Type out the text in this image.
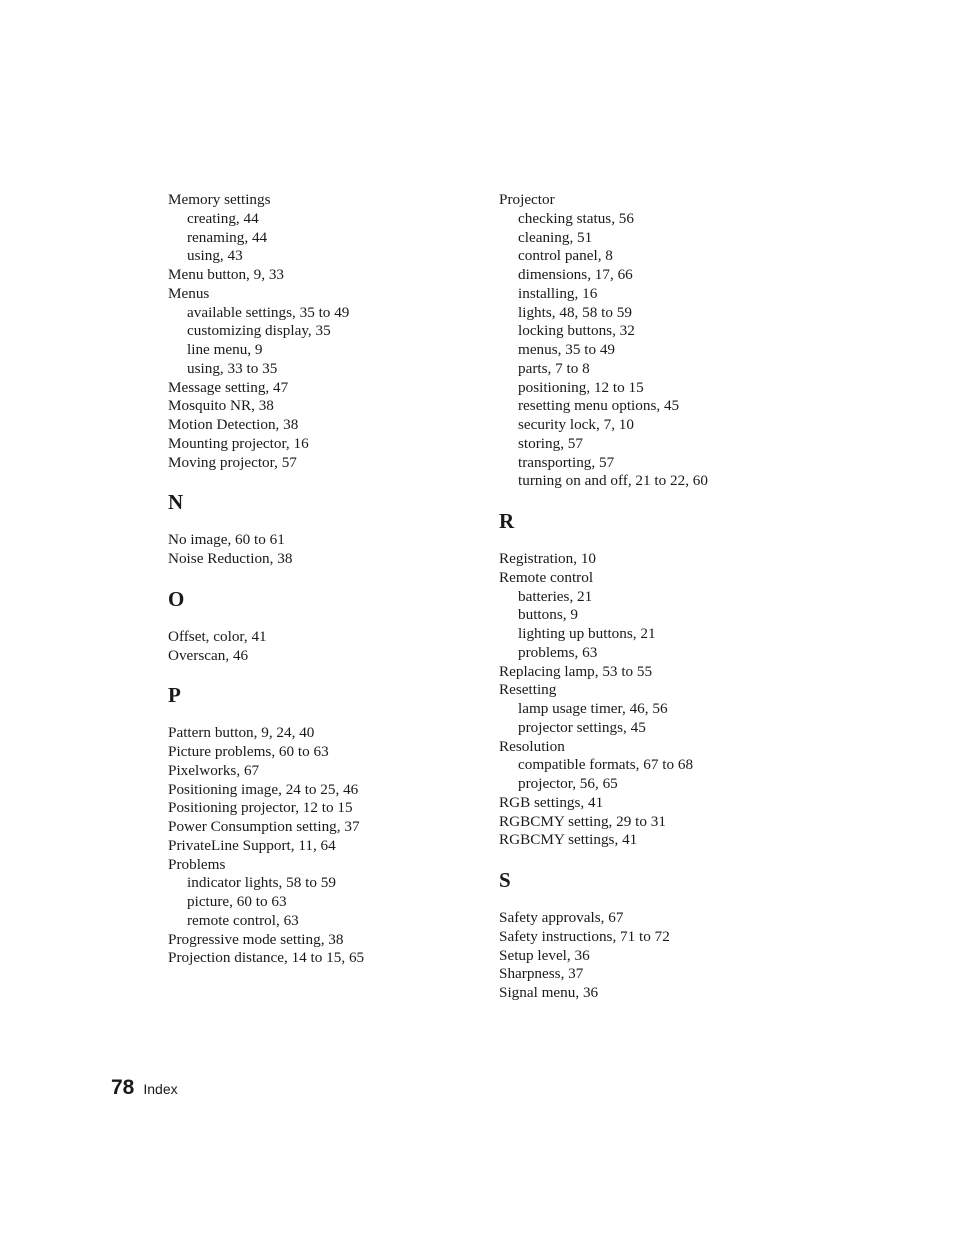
Memory settings
creating, 44
renaming, 44
using, 43
Menu button, 9, 33
Menus
available settings, 35 to 49
customizing display, 35
line menu, 9
using, 33 to 35
Message setting, 47
Mosquito NR, 38
Motion Detection, 38
Mounting projector, 16
Moving projector, 57
N
No image, 60 to 61
Noise Reduction, 38
O
Offset, color, 41
Overscan, 46
P
Pattern button, 9, 24, 40
Picture problems, 60 to 63
Pixelworks, 67
Positioning image, 24 to 25, 46
Positioning projector, 12 to 15
Power Consumption setting, 37
PrivateLine Support, 11, 64
Problems
indicator lights, 58 to 59
picture, 60 to 63
remote control, 63
Progressive mode setting, 38
Projection distance, 14 to 15, 65
Projector
checking status, 56
cleaning, 51
control panel, 8
dimensions, 17, 66
installing, 16
lights, 48, 58 to 59
locking buttons, 32
menus, 35 to 49
parts, 7 to 8
positioning, 12 to 15
resetting menu options, 45
security lock, 7, 10
storing, 57
transporting, 57
turning on and off, 21 to 22, 60
R
Registration, 10
Remote control
batteries, 21
buttons, 9
lighting up buttons, 21
problems, 63
Replacing lamp, 53 to 55
Resetting
lamp usage timer, 46, 56
projector settings, 45
Resolution
compatible formats, 67 to 68
projector, 56, 65
RGB settings, 41
RGBCMY setting, 29 to 31
RGBCMY settings, 41
S
Safety approvals, 67
Safety instructions, 71 to 72
Setup level, 36
Sharpness, 37
Signal menu, 36
78 Index
